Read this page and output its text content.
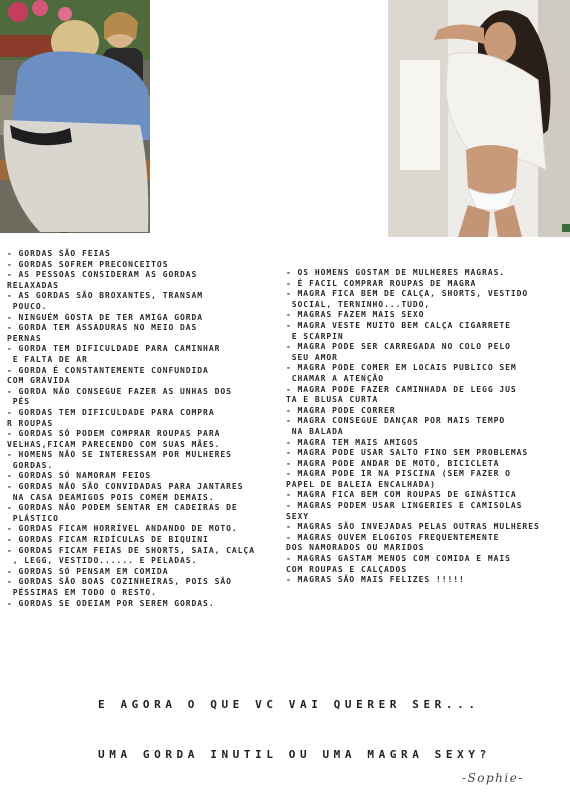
- GORDAS SÃO FEIAS
- GORDAS SOFREM PRECONCEITOS
- AS PESSOAS CONSIDERAM AS GORDAS
RELAXADAS
- AS GORDAS SÃO BROXANTES, TRANSAM
POUCO.
- NINGUÉM GOSTA DE TER AMIGA GORDA
- GORDA TEM ASSADURAS NO MEIO DAS
PERNAS
- GORDA TEM DIFICULDADE PARA CAMINHAR
E FALTA DE AR
- GORDA É CONSTANTEMENTE CONFUNDIDA
COM GRÁVIDA
- GORDA NÃO CONSEGUE FAZER AS UNHAS DOS
PÉS
- GORDAS TEM DIFICULDADE PARA COMPRA
R ROUPAS
- GORDAS SÓ PODEM COMPRAR ROUPAS PARA
VELHAS,FICAM PARECENDO COM SUAS MÃES.
- HOMENS NÃO SE INTERESSAM POR MULHERES
GORDAS.
- GORDAS SÓ NAMORAM FEIOS
- GORDAS NÃO SÃO CONVIDADAS PARA JANTARES
NA CASA DEAMIGOS POIS COMEM DEMAIS.
- GORDAS NÃO PODEM SENTAR EM CADEIRAS DE
PLÁSTICO
- GORDAS FICAM HORRÍVEL ANDANDO DE MOTO.
- GORDAS FICAM RIDÍCULAS DE BIQUINI
- GORDAS FICAM FEIAS DE SHORTS, SAIA, CALÇA
, LEGG, VESTIDO...... E PELADAS.
- GORDAS SÓ PENSAM EM COMIDA
- GORDAS SÃO BOAS COZINHEIRAS, POIS SÃO
PÉSSIMAS EM TODO O RESTO.
- GORDAS SE ODEIAM POR SEREM GORDAS.
- OS HOMENS GOSTAM DE MULHERES MAGRAS.
- É FACIL COMPRAR ROUPAS DE MAGRA
- MAGRA FICA BEM DE CALÇA, SHORTS, VESTIDO
SOCIAL, TERNINHO...TUDO,
- MAGRAS FAZEM MAIS SEXO
- MAGRA VESTE MUITO BEM CALÇA CIGARRETE
E SCARPIN
- MAGRA PODE SER CARREGADA NO COLO PELO
SEU AMOR
- MAGRA PODE COMER EM LOCAIS PUBLICO SEM
CHAMAR A ATENÇÃO
- MAGRA PODE FAZER CAMINHADA DE LEGG JUS
TA E BLUSA CURTA
- MAGRA PODE CORRER
- MAGRA CONSEGUE DANÇAR POR MAIS TEMPO
NA BALADA
- MAGRA TEM MAIS AMIGOS
- MAGRA PODE USAR SALTO FINO SEM PROBLEMAS
- MAGRA PODE ANDAR DE MOTO, BICICLETA
- MAGRA PODE IR NA PISCINA (SEM FAZER O
PAPEL DE BALEIA ENCALHADA)
- MAGRA FICA BEM COM ROUPAS DE GINÁSTICA
- MAGRAS PODEM USAR LINGERIES E CAMISOLAS
SEXY
- MAGRAS SÃO INVEJADAS PELAS OUTRAS MULHERES
- MAGRAS OUVEM ELOGIOS FREQUENTEMENTE
DOS NAMORADOS OU MARIDOS
- MAGRAS GASTAM MENOS COM COMIDA E MAIS
COM ROUPAS E CALÇADOS
- MAGRAS SÃO MAIS FELIZES !!!!!
E AGORA O QUE VC VAI QUERER SER...
UMA GORDA INUTIL OU UMA MAGRA SEXY?
-Sophie-
